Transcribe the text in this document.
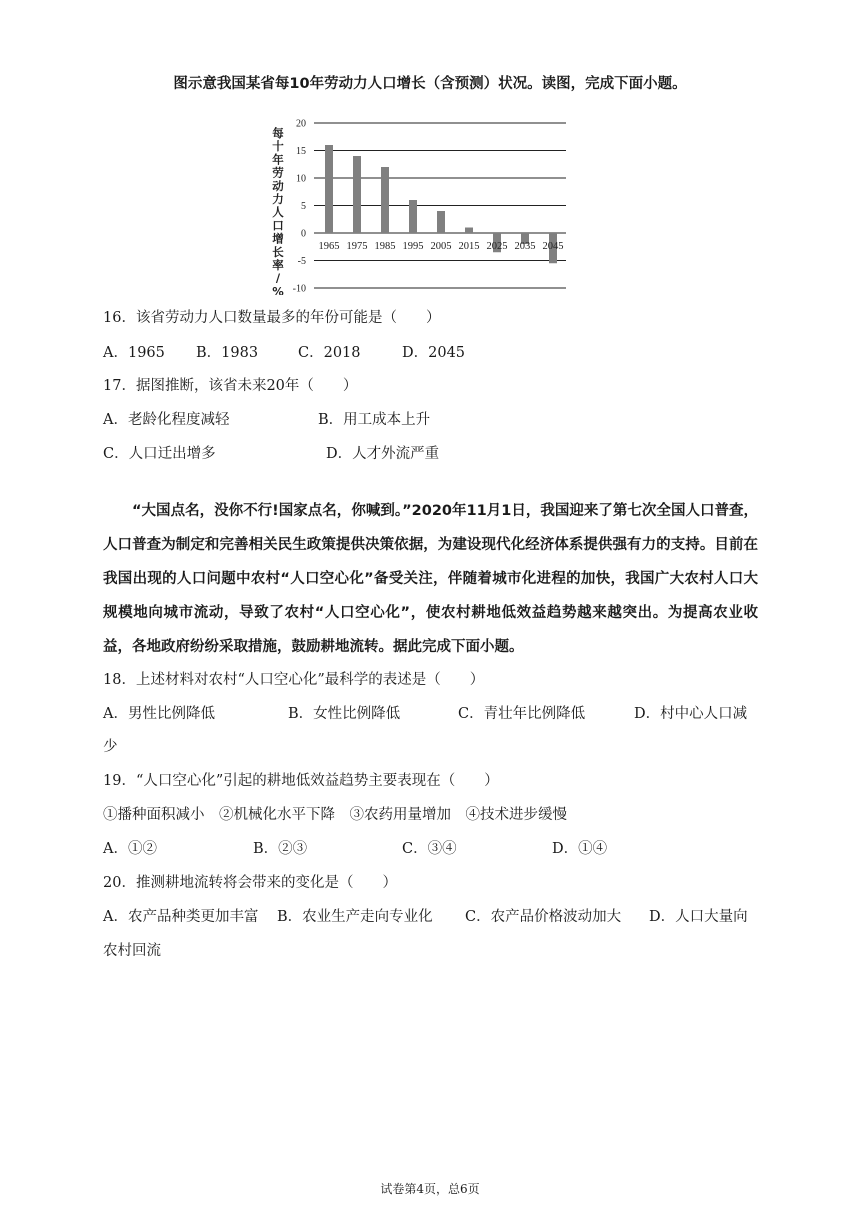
图示意我国某省每10年劳动力人口增长（含预测）状况。读图，完成下面小题。
20
15
10
5
0
-5
-10
每
十
年
劳
动
力
人
口
增
长
率
/
%
1965 1975 1985 1995 2005 2015 2025 2035 2045
16．该省劳动力人口数量最多的年份可能是（　　）
A．1965 B．1983	C．2018	D．2045
17．据图推断，该省未来20年（　　）
A．老龄化程度减轻	B．用工成本上升
C．人口迁出增多	D．人才外流严重
“大国点名，没你不行!国家点名，你喊到。”2020年11月1日，我国迎来了第七次全国人口普查，人口普查为制定和完善相关民生政策提供决策依据，为建设现代化经济体系提供强有力的支持。目前在我国出现的人口问题中农村“人口空心化”备受关注，伴随着城市化进程的加快，我国广大农村人口大规模地向城市流动，导致了农村“人口空心化”，使农村耕地低效益趋势越来越突出。为提高农业收益，各地政府纷纷采取措施，鼓励耕地流转。据此完成下面小题。
18．上述材料对农村“人口空心化”最科学的表述是（　　）
A．男性比例降低	B．女性比例降低	C．青壮年比例降低	D．村中心人口减
少
19．“人口空心化”引起的耕地低效益趋势主要表现在（　　）
①播种面积减小　②机械化水平下降　③农药用量增加　④技术进步缓慢
A．①②	B．②③	C．③④	D．①④
20．推测耕地流转将会带来的变化是（　　）
A．农产品种类更加丰富 B．农业生产走向专业化 C．农产品价格波动加大 D．人口大量向
农村回流
试卷第4页，总6页
